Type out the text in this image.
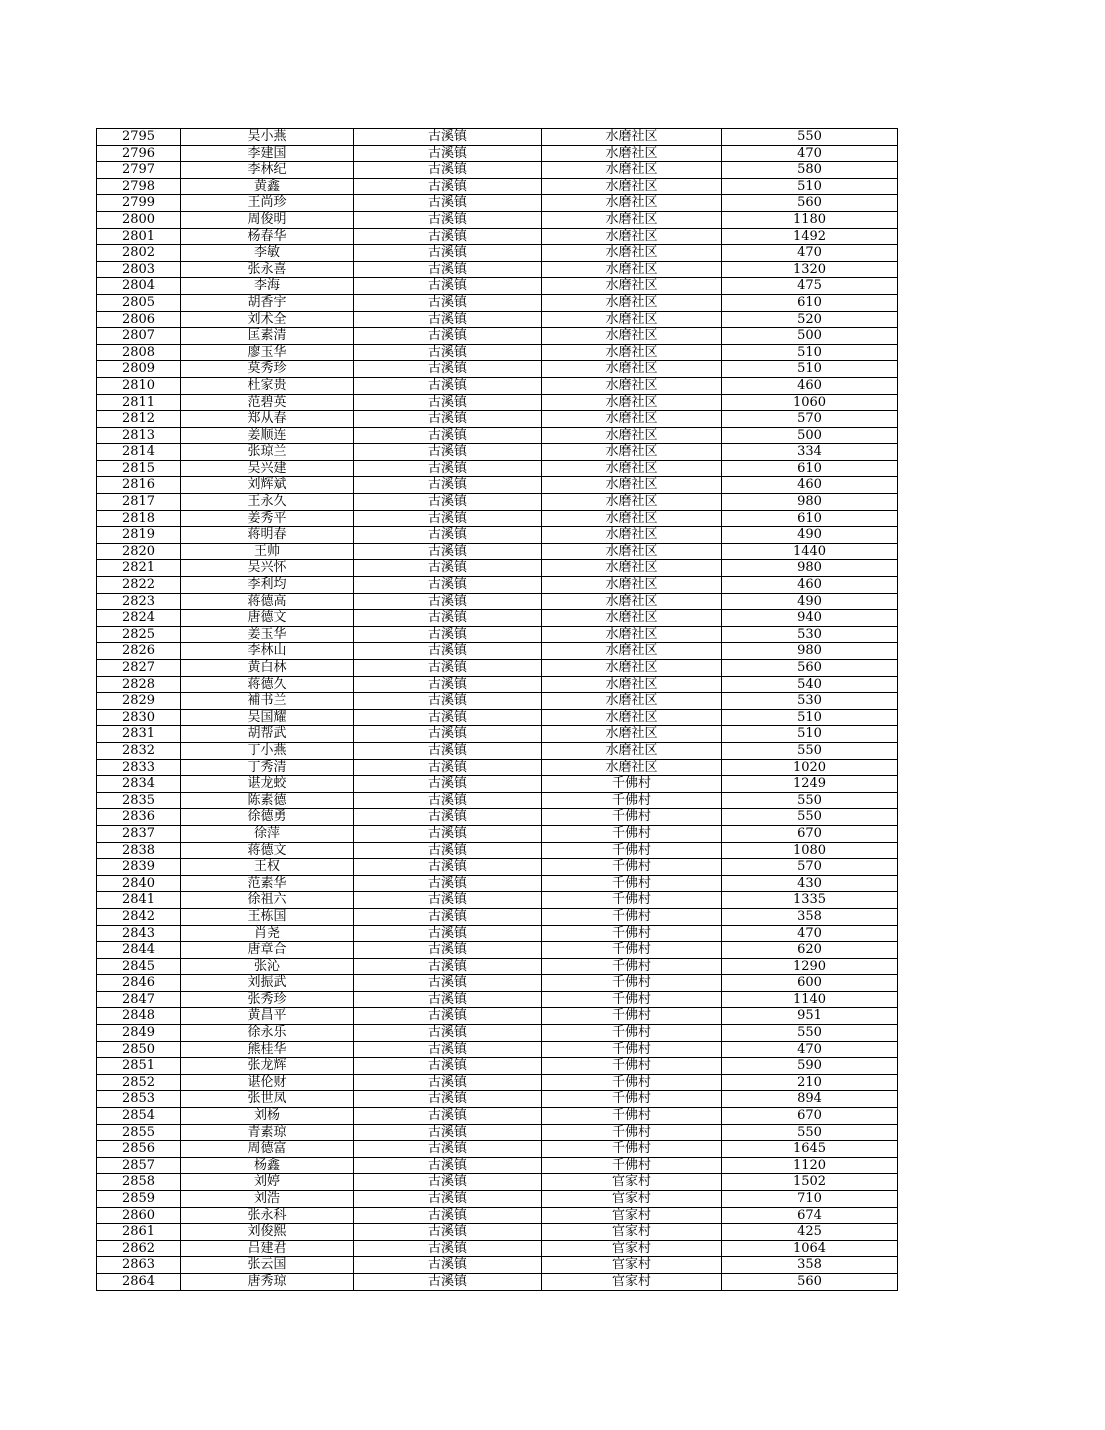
2795	吴小燕	古溪镇	水磨社区	550
2796	李建国	古溪镇	水磨社区	470
2797	李林纪	古溪镇	水磨社区	580
2798	黄鑫	古溪镇	水磨社区	510
2799	王尚珍	古溪镇	水磨社区	560
2800	周俊明	古溪镇	水磨社区	1180
2801	杨春华	古溪镇	水磨社区	1492
2802	李敏	古溪镇	水磨社区	470
2803	张永喜	古溪镇	水磨社区	1320
2804	李海	古溪镇	水磨社区	475
2805	胡香宇	古溪镇	水磨社区	610
2806	刘术全	古溪镇	水磨社区	520
2807	匡素清	古溪镇	水磨社区	500
2808	廖玉华	古溪镇	水磨社区	510
2809	莫秀珍	古溪镇	水磨社区	510
2810	杜家贵	古溪镇	水磨社区	460
2811	范碧英	古溪镇	水磨社区	1060
2812	郑从春	古溪镇	水磨社区	570
2813	姜顺连	古溪镇	水磨社区	500
2814	张琼兰	古溪镇	水磨社区	334
2815	吴兴建	古溪镇	水磨社区	610
2816	刘辉斌	古溪镇	水磨社区	460
2817	王永久	古溪镇	水磨社区	980
2818	姜秀平	古溪镇	水磨社区	610
2819	蒋明春	古溪镇	水磨社区	490
2820	王帅	古溪镇	水磨社区	1440
2821	吴兴怀	古溪镇	水磨社区	980
2822	李利均	古溪镇	水磨社区	460
2823	蒋德高	古溪镇	水磨社区	490
2824	唐德文	古溪镇	水磨社区	940
2825	姜玉华	古溪镇	水磨社区	530
2826	李林山	古溪镇	水磨社区	980
2827	黄白林	古溪镇	水磨社区	560
2828	蒋德久	古溪镇	水磨社区	540
2829	補书兰	古溪镇	水磨社区	530
2830	吴国耀	古溪镇	水磨社区	510
2831	胡帮武	古溪镇	水磨社区	510
2832	丁小燕	古溪镇	水磨社区	550
2833	丁秀清	古溪镇	水磨社区	1020
2834	谌龙蛟	古溪镇	千佛村	1249
2835	陈素德	古溪镇	千佛村	550
2836	徐德勇	古溪镇	千佛村	550
2837	徐萍	古溪镇	千佛村	670
2838	蒋德文	古溪镇	千佛村	1080
2839	王权	古溪镇	千佛村	570
2840	范素华	古溪镇	千佛村	430
2841	徐祖六	古溪镇	千佛村	1335
2842	王栋国	古溪镇	千佛村	358
2843	肖尧	古溪镇	千佛村	470
2844	唐章合	古溪镇	千佛村	620
2845	张沁	古溪镇	千佛村	1290
2846	刘振武	古溪镇	千佛村	600
2847	张秀珍	古溪镇	千佛村	1140
2848	黄昌平	古溪镇	千佛村	951
2849	徐永乐	古溪镇	千佛村	550
2850	熊桂华	古溪镇	千佛村	470
2851	张龙辉	古溪镇	千佛村	590
2852	谌伦财	古溪镇	千佛村	210
2853	张世凤	古溪镇	千佛村	894
2854	刘杨	古溪镇	千佛村	670
2855	青素琼	古溪镇	千佛村	550
2856	周德富	古溪镇	千佛村	1645
2857	杨鑫	古溪镇	千佛村	1120
2858	刘婷	古溪镇	官家村	1502
2859	刘浩	古溪镇	官家村	710
2860	张永科	古溪镇	官家村	674
2861	刘俊熙	古溪镇	官家村	425
2862	吕建君	古溪镇	官家村	1064
2863	张云国	古溪镇	官家村	358
2864	唐秀琼	古溪镇	官家村	560
